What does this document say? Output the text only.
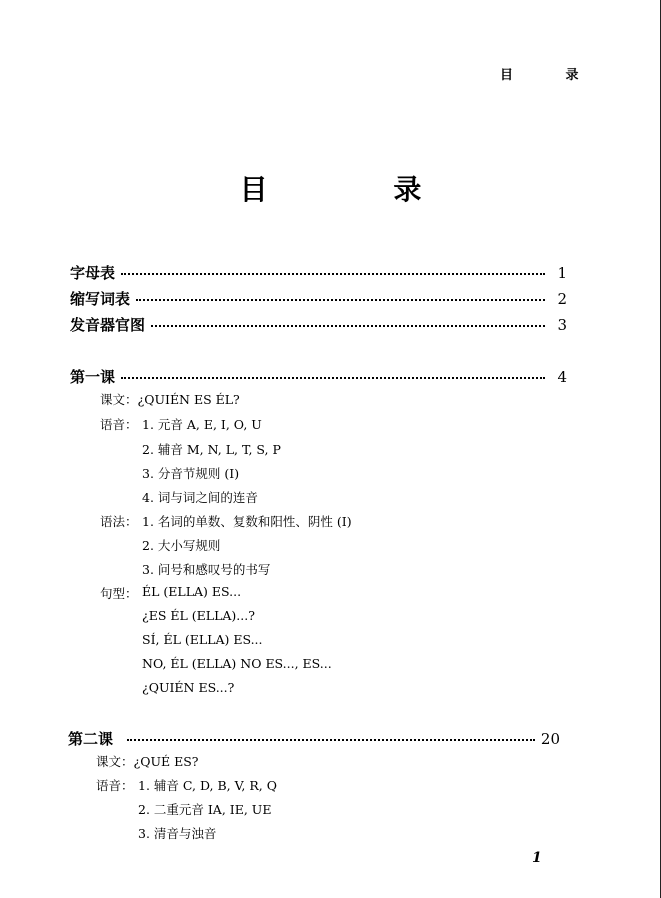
目 录
目 录
字母表	1
缩写词表	2
发音器官图	3
第一课	4
课文：¿QUIÉN ES ÉL?
语音： 1. 元音 A, E, I, O, U
2. 辅音 M, N, L, T, S, P
3. 分音节规则 (I)
4. 词与词之间的连音
语法： 1. 名词的单数、复数和阳性、阴性 (I)
2. 大小写规则
3. 问号和感叹号的书写
句型： ÉL (ELLA) ES...
¿ES ÉL (ELLA)...?
SÍ, ÉL (ELLA) ES...
NO, ÉL (ELLA) NO ES..., ES...
¿QUIÉN ES...?
第二课	20
课文：¿QUÉ ES?
语音： 1. 辅音 C, D, B, V, R, Q
2. 二重元音 IA, IE, UE
3. 清音与浊音
1
